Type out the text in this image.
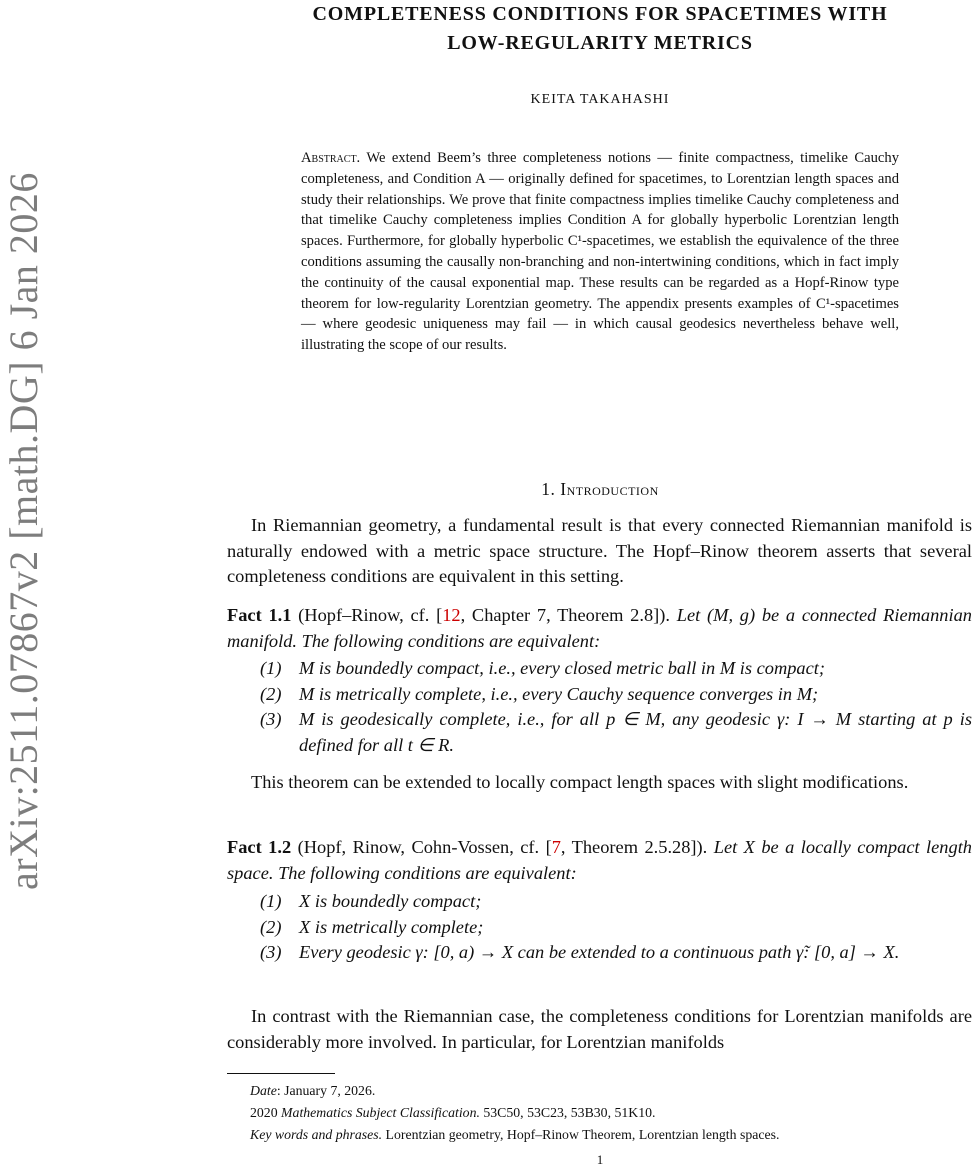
arXiv:2511.07867v2 [math.DG] 6 Jan 2026
COMPLETENESS CONDITIONS FOR SPACETIMES WITH
LOW-REGULARITY METRICS
KEITA TAKAHASHI
Abstract. We extend Beem’s three completeness notions — finite compactness, timelike Cauchy completeness, and Condition A — originally defined for spacetimes, to Lorentzian length spaces and study their relationships. We prove that finite compactness implies timelike Cauchy completeness and that timelike Cauchy completeness implies Condition A for globally hyperbolic Lorentzian length spaces. Furthermore, for globally hyperbolic C¹-spacetimes, we establish the equivalence of the three conditions assuming the causally non-branching and non-intertwining conditions, which in fact imply the continuity of the causal exponential map. These results can be regarded as a Hopf-Rinow type theorem for low-regularity Lorentzian geometry. The appendix presents examples of C¹-spacetimes — where geodesic uniqueness may fail — in which causal geodesics nevertheless behave well, illustrating the scope of our results.
1. Introduction
In Riemannian geometry, a fundamental result is that every connected Riemannian manifold is naturally endowed with a metric space structure. The Hopf–Rinow theorem asserts that several completeness conditions are equivalent in this setting.
Fact 1.1 (Hopf–Rinow, cf. [12, Chapter 7, Theorem 2.8]). Let (M, g) be a connected Riemannian manifold. The following conditions are equivalent:
(1) M is boundedly compact, i.e., every closed metric ball in M is compact;
(2) M is metrically complete, i.e., every Cauchy sequence converges in M;
(3) M is geodesically complete, i.e., for all p ∈ M, any geodesic γ: I → M starting at p is defined for all t ∈ R.
This theorem can be extended to locally compact length spaces with slight modifications.
Fact 1.2 (Hopf, Rinow, Cohn-Vossen, cf. [7, Theorem 2.5.28]). Let X be a locally compact length space. The following conditions are equivalent:
(1) X is boundedly compact;
(2) X is metrically complete;
(3) Every geodesic γ: [0, a) → X can be extended to a continuous path γ̃: [0, a] → X.
In contrast with the Riemannian case, the completeness conditions for Lorentzian manifolds are considerably more involved. In particular, for Lorentzian manifolds
Date: January 7, 2026.
2020 Mathematics Subject Classification. 53C50, 53C23, 53B30, 51K10.
Key words and phrases. Lorentzian geometry, Hopf–Rinow Theorem, Lorentzian length spaces.
1
